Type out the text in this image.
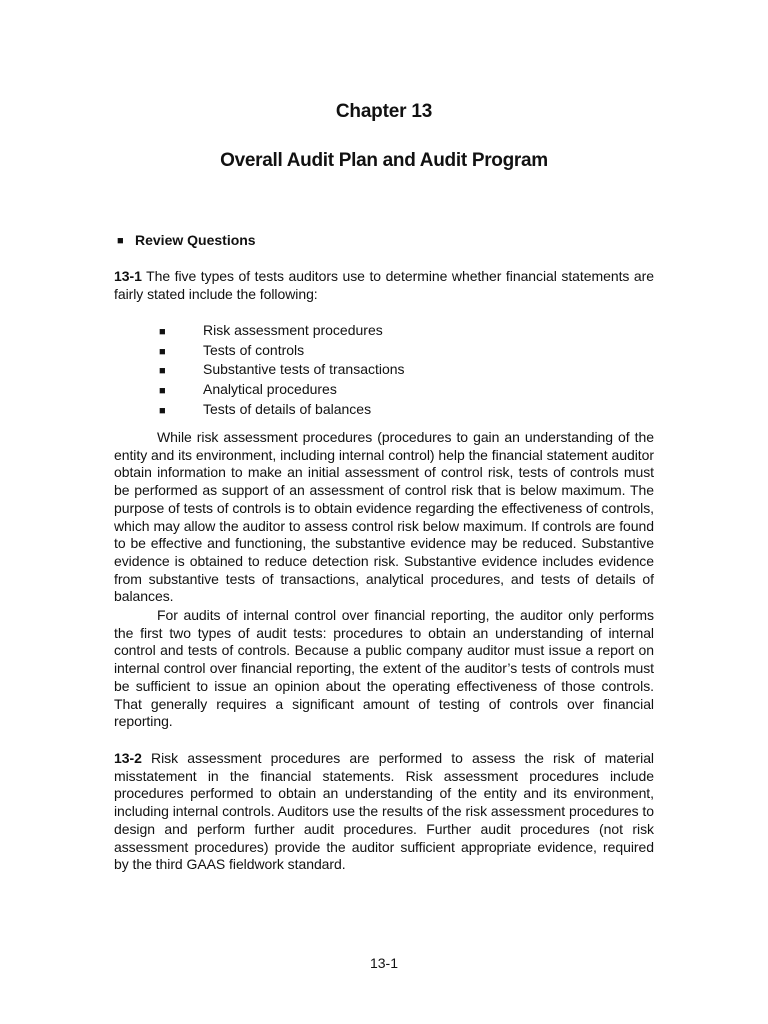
Chapter 13
Overall Audit Plan and Audit Program
■ Review Questions

13-1 The five types of tests auditors use to determine whether financial statements are fairly stated include the following:

■	Risk assessment procedures
■	Tests of controls
■	Substantive tests of transactions
■	Analytical procedures
■	Tests of details of balances

While risk assessment procedures (procedures to gain an understanding of the entity and its environment, including internal control) help the financial statement auditor obtain information to make an initial assessment of control risk, tests of controls must be performed as support of an assessment of control risk that is below maximum. The purpose of tests of controls is to obtain evidence regarding the effectiveness of controls, which may allow the auditor to assess control risk below maximum. If controls are found to be effective and functioning, the substantive evidence may be reduced. Substantive evidence is obtained to reduce detection risk. Substantive evidence includes evidence from substantive tests of transactions, analytical procedures, and tests of details of balances.

For audits of internal control over financial reporting, the auditor only performs the first two types of audit tests: procedures to obtain an understanding of internal control and tests of controls. Because a public company auditor must issue a report on internal control over financial reporting, the extent of the auditor’s tests of controls must be sufficient to issue an opinion about the operating effectiveness of those controls. That generally requires a significant amount of testing of controls over financial reporting.

13-2 Risk assessment procedures are performed to assess the risk of material misstatement in the financial statements. Risk assessment procedures include procedures performed to obtain an understanding of the entity and its environment, including internal controls. Auditors use the results of the risk assessment procedures to design and perform further audit procedures. Further audit procedures (not risk assessment procedures) provide the auditor sufficient appropriate evidence, required by the third GAAS fieldwork standard.

13-1
